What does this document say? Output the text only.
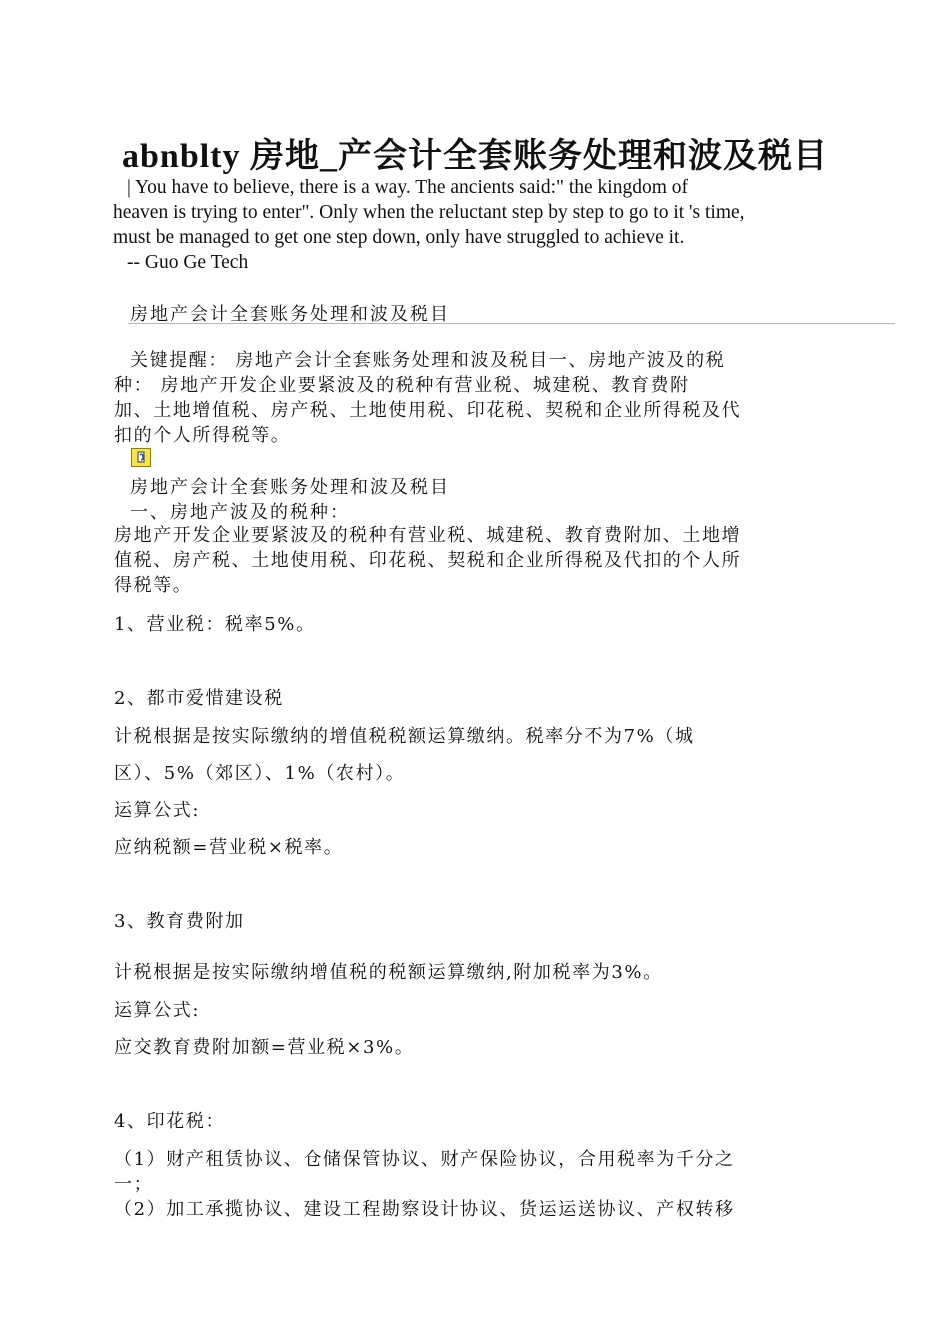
abnblty 房地_产会计全套账务处理和波及税目
| You have to believe, there is a way. The ancients said:" the kingdom of
heaven is trying to enter". Only when the reluctant step by step to go to it 's time,
must be managed to get one step down, only have struggled to achieve it.
-- Guo Ge Tech
房地产会计全套账务处理和波及税目
关键提醒： 房地产会计全套账务处理和波及税目一、房地产波及的税
种： 房地产开发企业要紧波及的税种有营业税、城建税、教育费附
加、土地增值税、房产税、土地使用税、印花税、契税和企业所得税及代
扣的个人所得税等。
房地产会计全套账务处理和波及税目
一、房地产波及的税种：
房地产开发企业要紧波及的税种有营业税、城建税、教育费附加、土地增
值税、房产税、土地使用税、印花税、契税和企业所得税及代扣的个人所
得税等。
1、营业税：税率5%。
2、都市爱惜建设税
计税根据是按实际缴纳的增值税税额运算缴纳。税率分不为7%（城
区）、5%（郊区）、1%（农村）。
运算公式:
应纳税额=营业税×税率。
3、教育费附加
计税根据是按实际缴纳增值税的税额运算缴纳,附加税率为3%。
运算公式:
应交教育费附加额=营业税×3%。
4、印花税：
（1）财产租赁协议、仓储保管协议、财产保险协议，合用税率为千分之
一；
（2）加工承揽协议、建设工程勘察设计协议、货运运送协议、产权转移
